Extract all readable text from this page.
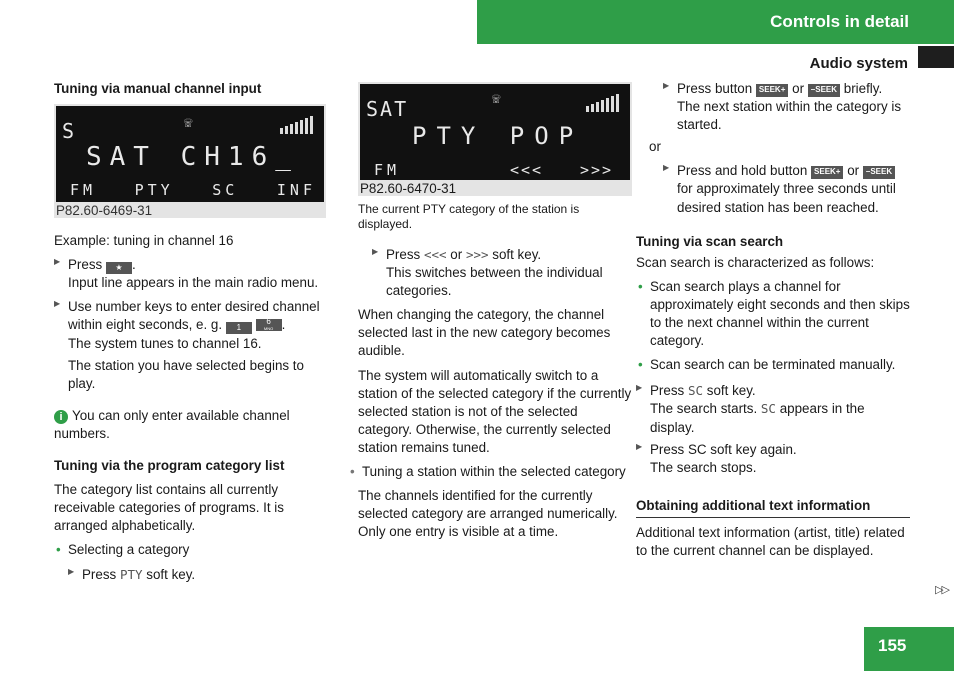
Controls in detail
Audio system

Tuning via manual channel input

S	☏
SAT CH16_
FM	PTY	SC	INF
P82.60-6469-31

Example: tuning in channel 16

▶ Press ★ .

Input line appears in the main radio menu.

▶ Use number keys to enter desired channel within eight seconds, e. g. 1 6
MNO .

The system tunes to channel 16.

The station you have selected begins to play.

i You can only enter available channel numbers.

Tuning via the program category list

The category list contains all currently receivable categories of programs. It is arranged alphabetically.

• Selecting a category

▶ Press PTY soft key.

SAT	☏
PTY POP
FM	<<< >>>
P82.60-6470-31

The current PTY category of the station is displayed.

▶ Press <<< or >>> soft key.

This switches between the individual categories.

When changing the category, the channel selected last in the new category becomes audible.

The system will automatically switch to a station of the selected category if the currently selected station is not of the selected category. Otherwise, the currently selected station remains tuned.

• Tuning a station within the selected category

The channels identified for the currently selected category are arranged numerically. Only one entry is visible at a time.

▶ Press button SEEK+ or –SEEK briefly.

The next station within the category is started.

or

▶ Press and hold button SEEK+ or –SEEK

for approximately three seconds until desired station has been reached.

Tuning via scan search

Scan search is characterized as follows:

• Scan search plays a channel for approximately eight seconds and then skips to the next channel within the current category.

• Scan search can be terminated manually.

▶ Press SC soft key.

The search starts. SC appears in the display.

▶ Press SC soft key again.

The search stops.

Obtaining additional text information

Additional text information (artist, title) related to the current channel can be displayed.

▷▷
155
